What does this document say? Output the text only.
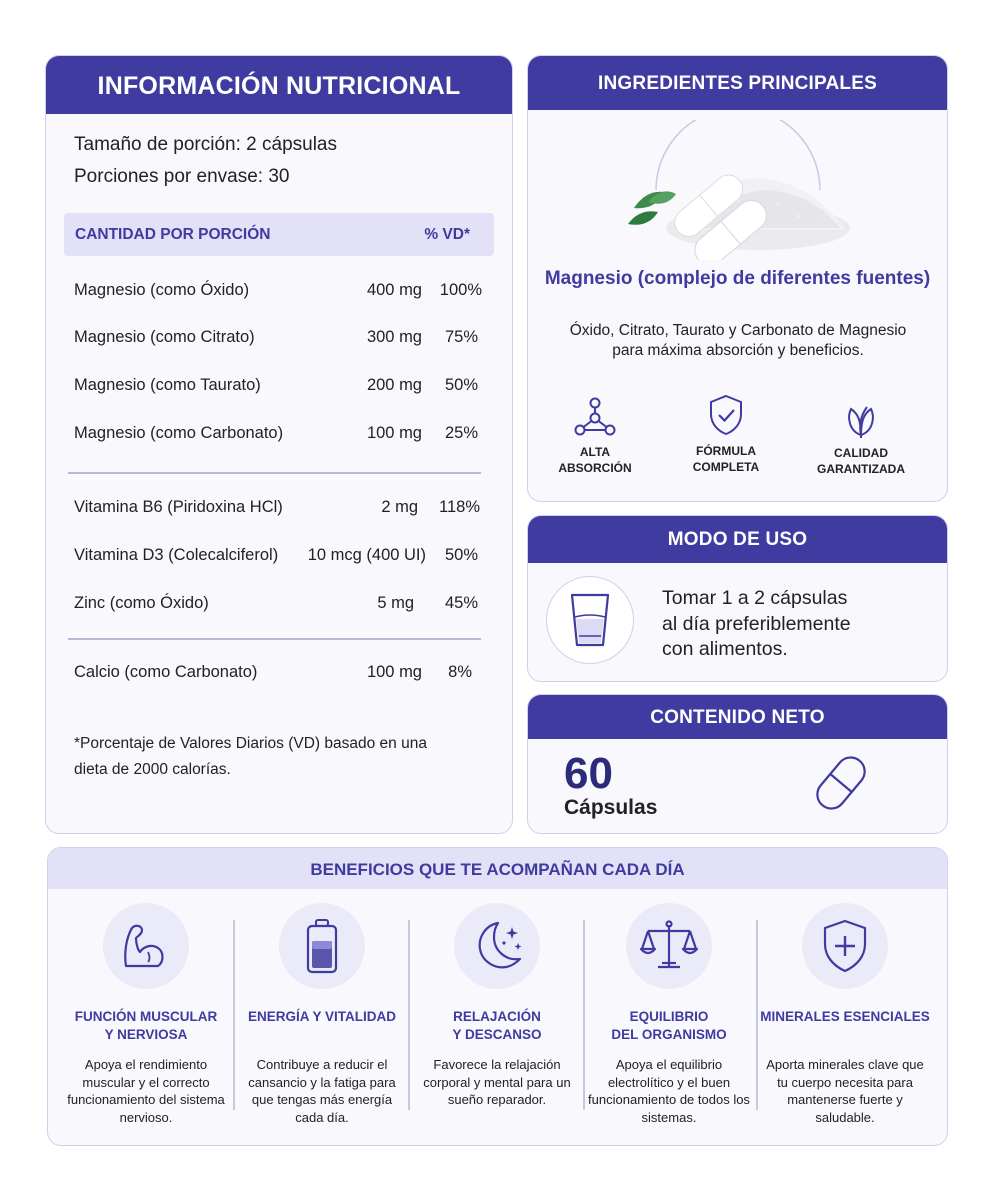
INFORMACIÓN NUTRICIONAL
Tamaño de porción: 2 cápsulas
Porciones por envase: 30
CANTIDAD POR PORCIÓN	% VD*
Magnesio (como Óxido)	400 mg 100%
Magnesio (como Citrato)	300 mg 75%
Magnesio (como Taurato)	200 mg 50%
Magnesio (como Carbonato)	100 mg 25%
Vitamina B6 (Piridoxina HCl)	2 mg 118%
Vitamina D3 (Colecalciferol) 10 mcg (400 UI) 50%
Zinc (como Óxido)	5 mg 45%
Calcio (como Carbonato)	100 mg 8%
*Porcentaje de Valores Diarios (VD) basado en una dieta de 2000 calorías.
INGREDIENTES PRINCIPALES
Magnesio (complejo de diferentes fuentes)
Óxido, Citrato, Taurato y Carbonato de Magnesio para máxima absorción y beneficios.
ALTA
ABSORCIÓN
FÓRMULA
COMPLETA
CALIDAD
GARANTIZADA
MODO DE USO
Tomar 1 a 2 cápsulas
al día preferiblemente
con alimentos.
CONTENIDO NETO
60
Cápsulas
BENEFICIOS QUE TE ACOMPAÑAN CADA DÍA
FUNCIÓN MUSCULAR
Y NERVIOSA
Apoya el rendimiento muscular y el correcto funcionamiento del sistema nervioso.
ENERGÍA Y VITALIDAD

Contribuye a reducir el cansancio y la fatiga para que tengas más energía cada día.
RELAJACIÓN
Y DESCANSO
Favorece la relajación corporal y mental para un sueño reparador.
EQUILIBRIO
DEL ORGANISMO
Apoya el equilibrio electrolítico y el buen funcionamiento de todos los sistemas.
MINERALES ESENCIALES

Aporta minerales clave que tu cuerpo necesita para mantenerse fuerte y saludable.
